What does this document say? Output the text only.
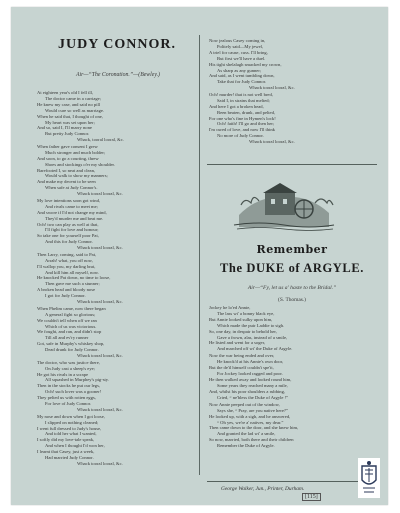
JUDY CONNOR.
Air—“The Coronation.”—(Bewley.)
At eighteen year's old I fell ill,
The doctor came in a carriage;
He knew my case, and said no pill
Would cure so well as marriage.
When he said that, I thought of one,
My heart was set upon her;
And so, said I, I'll marry none
But pretty Judy Connor.
Whack, tooral looral, &c.
When father gave consent I grew
Much stronger and much bolder;
And soon, to go a courting, threw
Shoes and stockings o'er my shoulder.
Barefooted I, so neat and clean,
Would walk to show my manners;
And make my decent to be seen
When safe at Judy Connor's.
Whack tooral looral, &c.
My love intentions soon got wind,
And rivals came to meet me;
And swore if I'd not change my mind,
They'd murder me and beat me.
Och! two can play as well at that,
I'll fight for love and honour;
So take one for yourself poor Pat,
And this for Judy Connor.
Whack tooral looral, &c.
Then Larry, coming, said to Pat,
Arrah! what, you off now,
I'll wallop you, my darling brat,
And kill him all myself, now.
He knocked Pat down, no time to loose,
Then gave me such a stunner;
A broken head and bloody nose
I got for Judy Connor.
Whack tooral looral, &c.
When Phelim came, now there began
A general fight so glorious;
We couldn't tell when off we ran
Which of us was victorious.
We fought, and ran, and didn't stop
Till all and ev'ry runner
Got, safe in Murphy's whiskey shop,
Dead drunk for Judy Connor.
Whack tooral looral, &c.
The doctor, who was justice there,
On Judy cast a sheep's eye;
He got his rivals in a scrape
All squashed in Murphey's pig-sty.
Then in the stocks he put our legs,
Och! such lover was a gooner!
They pelted us with rotten eggs,
For love of Judy Connor.
Whack tooral looral, &c.
My nose and down when I got loose,
I slipped on nothing cleaned;
I went full dressed to Judy's house,
And told her what I wanted,
I softly did my love-tale speak,
And when I thought I'd won her,
I learnt that Casey, just a week,
Had married Judy Connor.
Whack tooral looral, &c.
Now jealous Casey coming in,
Politely said—My jewel,
A triel for cause, cuss. I'll bring,
But first we'll have a duel.
His tight shelalagh smacked my crown,
As sharp as any gunner;
And said, as I went tumbling down,
Take that for Judy Connor.
Whack tooral looral, &c.
Och! murder! that is not well bred,
Said I, in strains that melted;
And here I got a broken head,
Been beaten, drunk, and pelted,
For one who's fine in Hymen's lock!
Och! faith! I'll go and then her;
I'm cured of love, and now I'll think
No more of Judy Connor.
Whack tooral looral, &c.
Remember
The DUKE of ARGYLE.
Air—“Fy, let us a' haste to the Bridal.”
(S. Thomas.)
Jockey he lo'ed Annie,
The lass wi' a bonny black eye,
But Annie looked sulky upon him,
Which made the puir Laddie to sigh.
So, one day, in despair to behold her,
Gave a frown, alas, instead of a smile,
He listed and went for a soger,
And marched off wi' the Duke of Argyle.
Now the war being ended and over,
He knock'd at his Annie's own door,
But the de'il himself couldn't spe'it,
For Jockey looked ragged and poor.
He then walked away and looked round him,
Some years they reached many a mile,
And, whilst his poor shoulders a rubbing,
Cried, “ ne'bless the Duke of Argyle !”
Now Annie peeped out of the window,
Says she, “ Pray, are you native here?”
He looked up, with a sigh, and he answered,
“ Oh yes, we're a' natives, my dear.”
Then came down to the door, and she knew him,
And granted the lad wi' a smile,
So now, married, both there and their children
Remember the Duke of Argyle.
George Walker, Jun., Printer, Durham.
[115]
